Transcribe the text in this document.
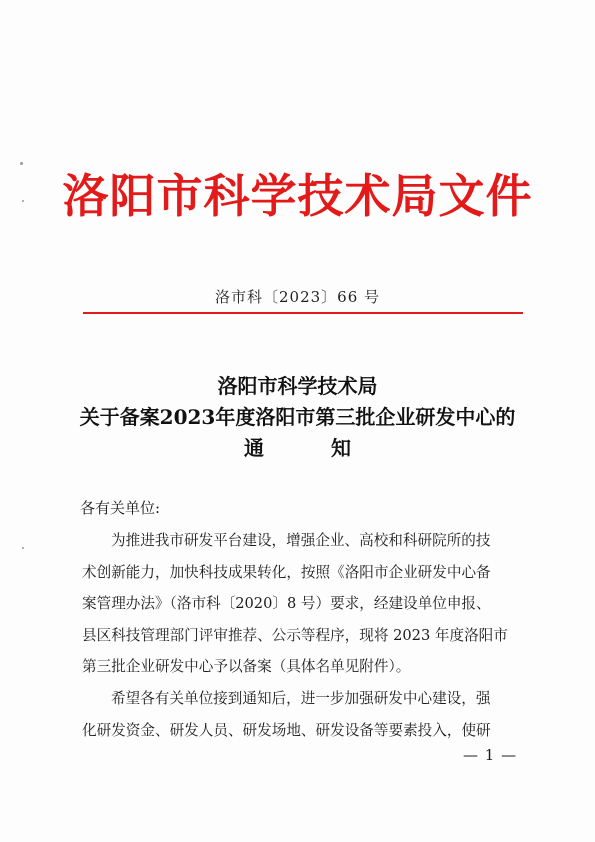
洛阳市科学技术局文件
洛市科〔2023〕66 号
洛阳市科学技术局
关于备案2023年度洛阳市第三批企业研发中心的
通 知
各有关单位:
为推进我市研发平台建设，增强企业、高校和科研院所的技
术创新能力，加快科技成果转化，按照《洛阳市企业研发中心备
案管理办法》（洛市科〔2020〕8 号）要求，经建设单位申报、
县区科技管理部门评审推荐、公示等程序，现将 2023 年度洛阳市
第三批企业研发中心予以备案（具体名单见附件）。
希望各有关单位接到通知后，进一步加强研发中心建设，强
化研发资金、研发人员、研发场地、研发设备等要素投入，使研
— 1 —
